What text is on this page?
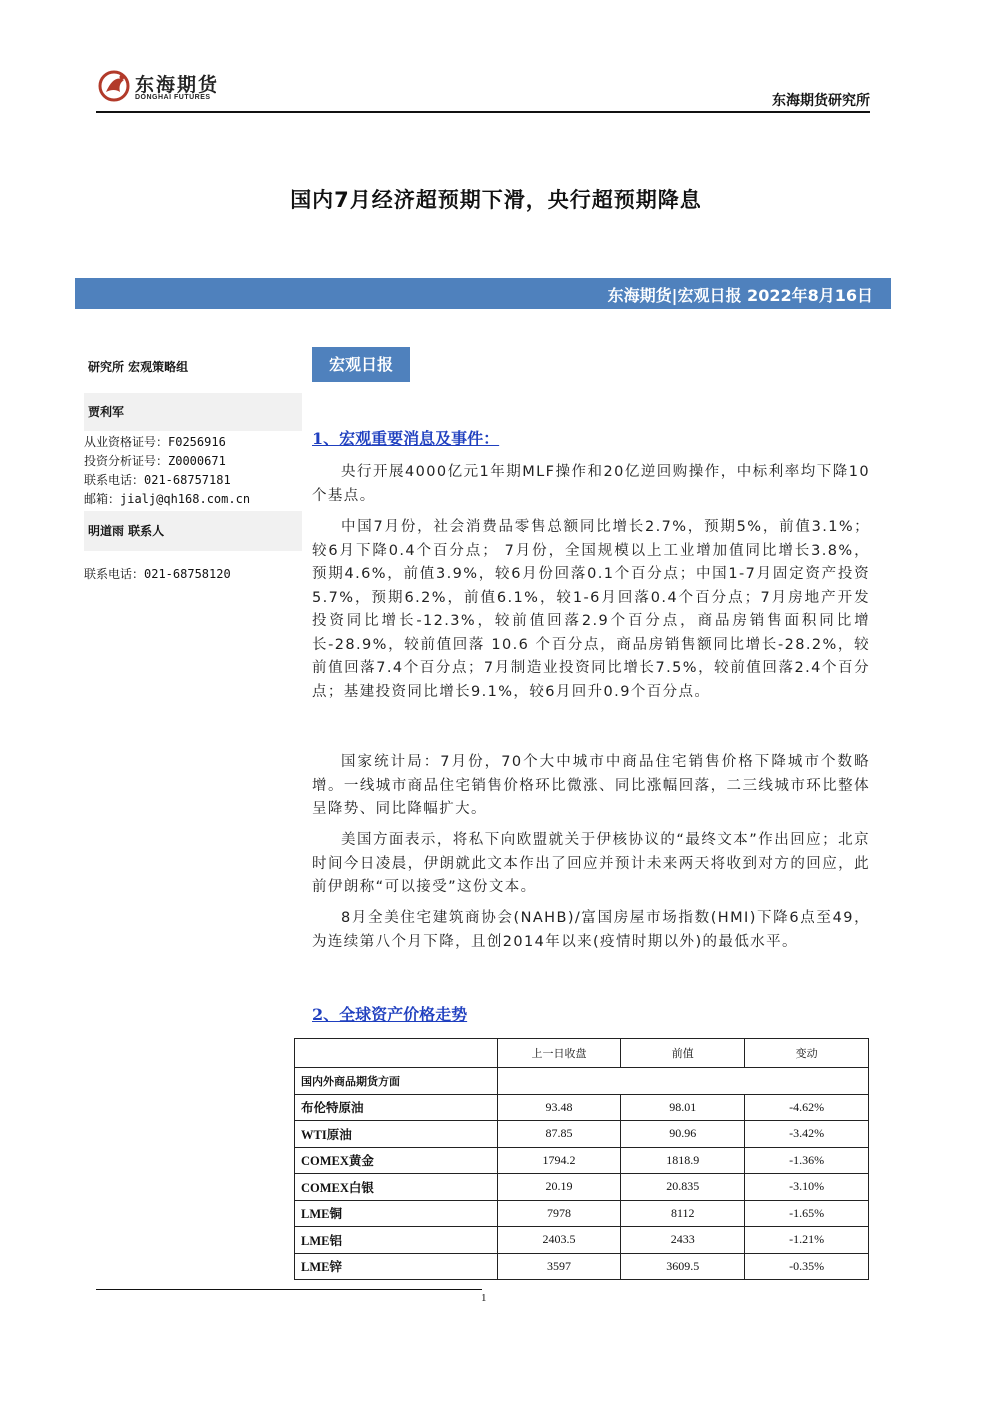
东海期货
DONGHAI FUTURES	东海期货研究所
国内7月经济超预期下滑，央行超预期降息
东海期货|宏观日报 2022年8月16日
研究所 宏观策略组
贾利军
从业资格证号：F0256916
投资分析证号：Z0000671
联系电话：021-68757181
邮箱：jialj@qh168.com.cn
明道雨 联系人
联系电话：021-68758120
宏观日报
1、宏观重要消息及事件：
央行开展4000亿元1年期MLF操作和20亿逆回购操作，中标利率均下降10个基点。
中国7月份，社会消费品零售总额同比增长2.7%，预期5%，前值3.1%；较6月下降0.4个百分点； 7月份，全国规模以上工业增加值同比增长3.8%，预期4.6%，前值3.9%，较6月份回落0.1个百分点；中国1-7月固定资产投资5.7%，预期6.2%，前值6.1%，较1-6月回落0.4个百分点；7月房地产开发投资同比增长-12.3%，较前值回落2.9个百分点，商品房销售面积同比增长-28.9%，较前值回落 10.6 个百分点，商品房销售额同比增长-28.2%，较前值回落7.4个百分点；7月制造业投资同比增长7.5%，较前值回落2.4个百分点；基建投资同比增长9.1%，较6月回升0.9个百分点。
国家统计局：7月份，70个大中城市中商品住宅销售价格下降城市个数略增。一线城市商品住宅销售价格环比微涨、同比涨幅回落，二三线城市环比整体呈降势、同比降幅扩大。
美国方面表示，将私下向欧盟就关于伊核协议的“最终文本”作出回应；北京时间今日凌晨，伊朗就此文本作出了回应并预计未来两天将收到对方的回应，此前伊朗称“可以接受”这份文本。
8月全美住宅建筑商协会(NAHB)/富国房屋市场指数(HMI)下降6点至49，为连续第八个月下降，且创2014年以来(疫情时期以外)的最低水平。
2、全球资产价格走势
	上一日收盘	前值	变动
国内外商品期货方面			
布伦特原油	93.48	98.01	-4.62%
WTI原油	87.85	90.96	-3.42%
COMEX黄金	1794.2	1818.9	-1.36%
COMEX白银	20.19	20.835	-3.10%
LME铜	7978	8112	-1.65%
LME铝	2403.5	2433	-1.21%
LME锌	3597	3609.5	-0.35%
1
